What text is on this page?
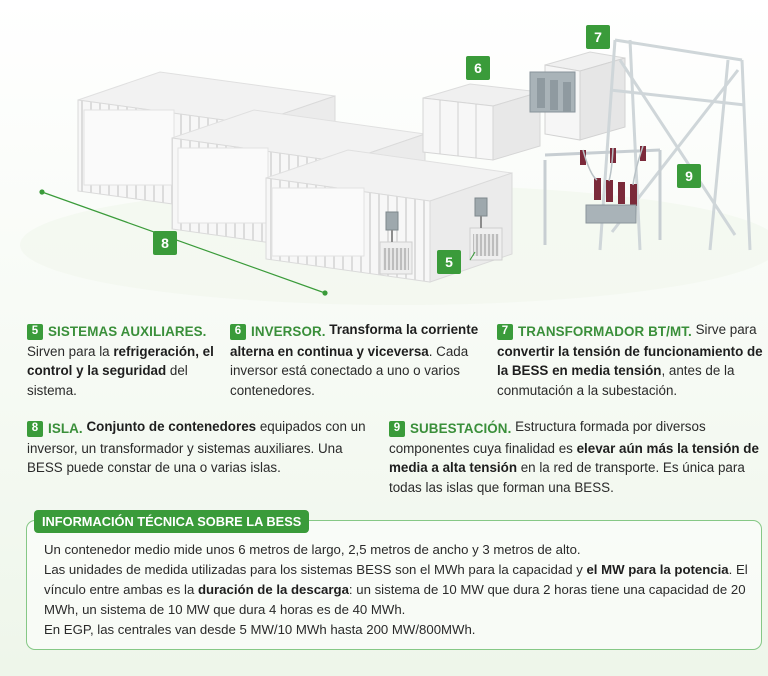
5
6
7
8
9
5 SISTEMAS AUXILIARES.

Sirven para la refrigeración, el control y la seguridad del sistema.
6 INVERSOR. Transforma la corriente alterna en continua y viceversa. Cada inversor está conectado a uno o varios contenedores.
7 TRANSFORMADOR BT/MT. Sirve para convertir la tensión de funcionamiento de la BESS en media tensión, antes de la conmutación a la subestación.
8 ISLA. Conjunto de contenedores equipados con un inversor, un transformador y sistemas auxiliares. Una BESS puede constar de una o varias islas.
9 SUBESTACIÓN. Estructura formada por diversos componentes cuya finalidad es elevar aún más la tensión de media a alta tensión en la red de transporte. Es única para todas las islas que forman una BESS.
INFORMACIÓN TÉCNICA SOBRE LA BESS
Un contenedor medio mide unos 6 metros de largo, 2,5 metros de ancho y 3 metros de alto.
Las unidades de medida utilizadas para los sistemas BESS son el MWh para la capacidad y el MW para la potencia. El vínculo entre ambas es la duración de la descarga: un sistema de 10 MW que dura 2 horas tiene una capacidad de 20 MWh, un sistema de 10 MW que dura 4 horas es de 40 MWh.
En EGP, las centrales van desde 5 MW/10 MWh hasta 200 MW/800MWh.
